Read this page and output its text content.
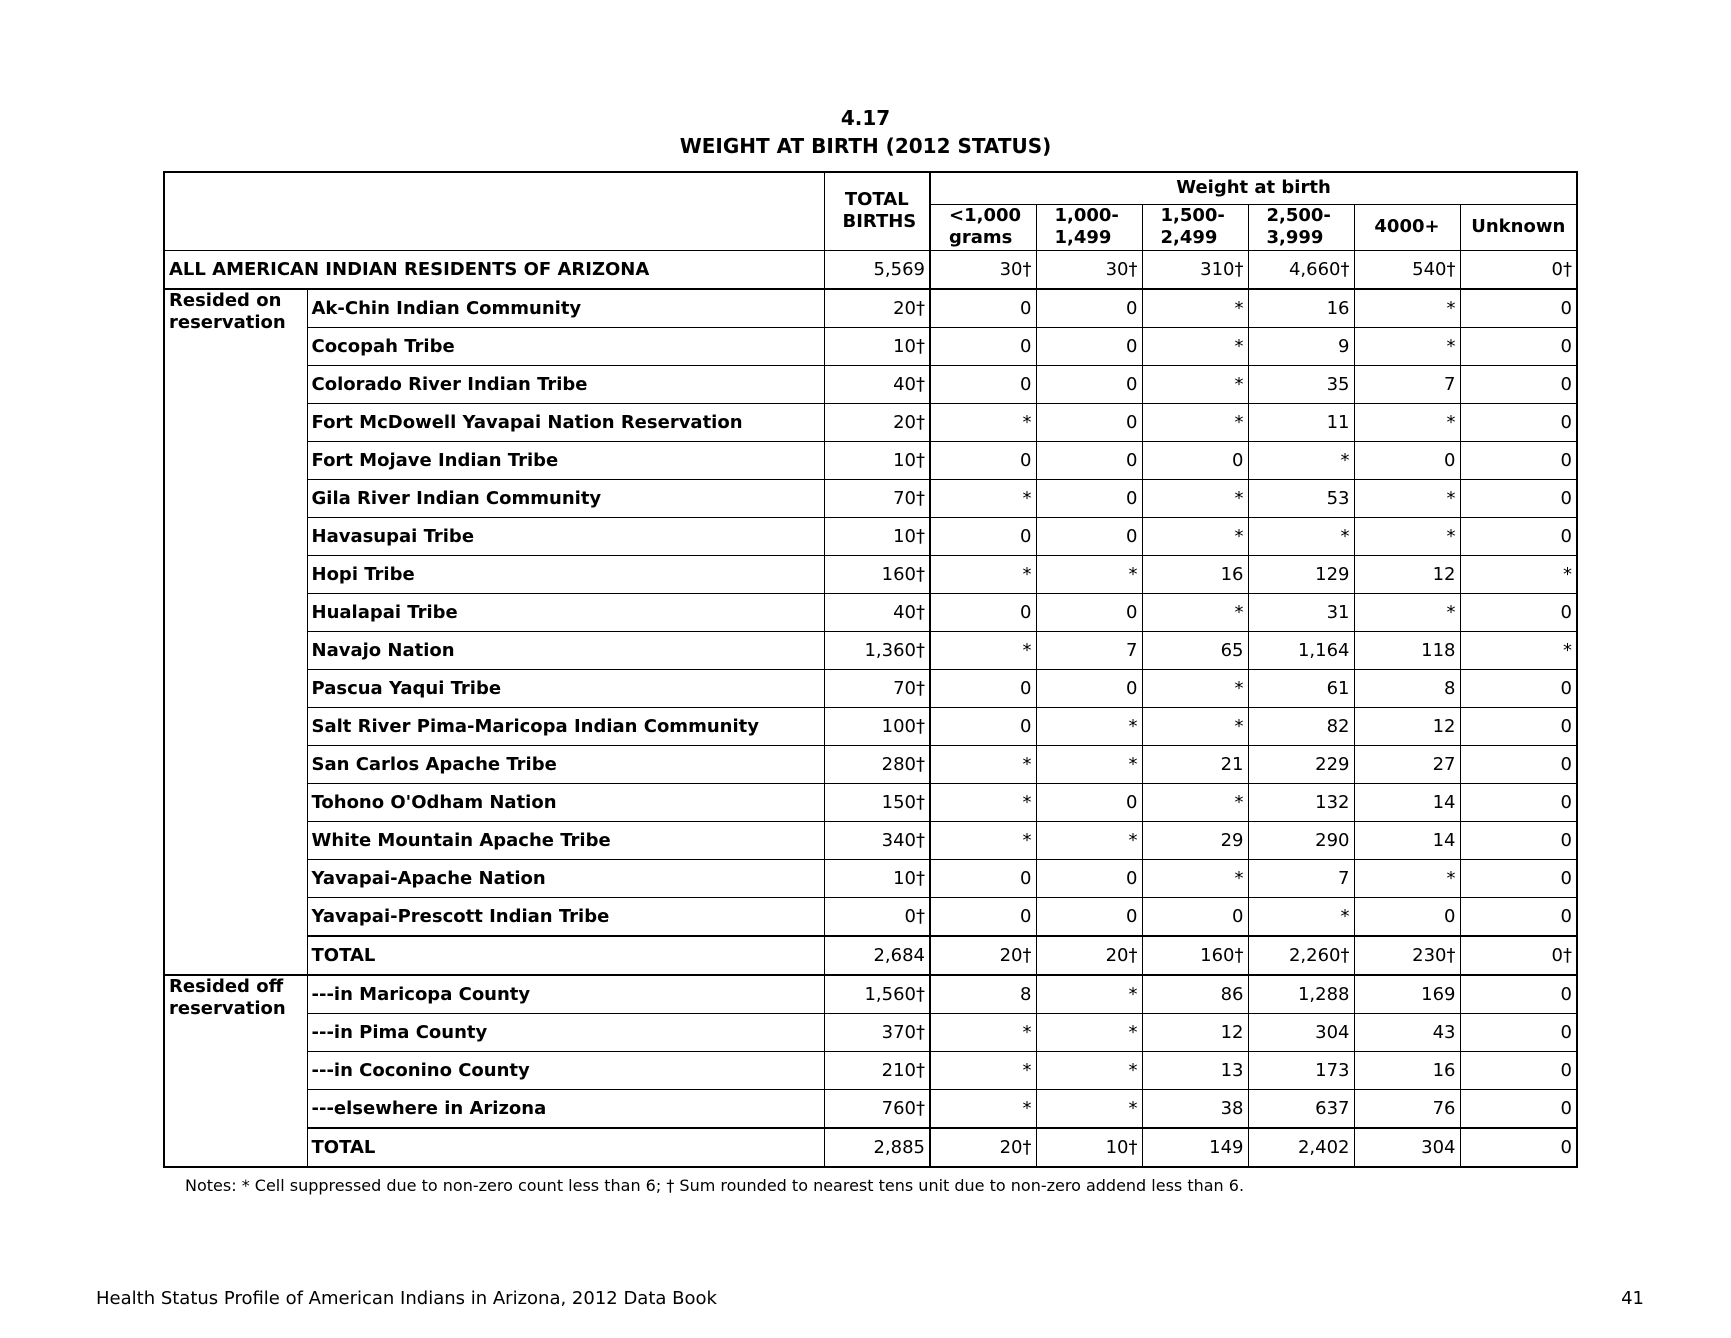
4.17
WEIGHT AT BIRTH (2012 STATUS)
		TOTAL BIRTHS	Weight at birth					
			<1,000 grams	1,000-1,499	1,500-2,499	2,500-3,999	4000+	Unknown
ALL AMERICAN INDIAN RESIDENTS OF ARIZONA		5,569	30†	30†	310†	4,660†	540†	0†
Resided on reservation	Ak-Chin Indian Community	20†	0	0	*	16	*	0
	Cocopah Tribe	10†	0	0	*	9	*	0
	Colorado River Indian Tribe	40†	0	0	*	35	7	0
	Fort McDowell Yavapai Nation Reservation	20†	*	0	*	11	*	0
	Fort Mojave Indian Tribe	10†	0	0	0	*	0	0
	Gila River Indian Community	70†	*	0	*	53	*	0
	Havasupai Tribe	10†	0	0	*	*	*	0
	Hopi Tribe	160†	*	*	16	129	12	*
	Hualapai Tribe	40†	0	0	*	31	*	0
	Navajo Nation	1,360†	*	7	65	1,164	118	*
	Pascua Yaqui Tribe	70†	0	0	*	61	8	0
	Salt River Pima-Maricopa Indian Community	100†	0	*	*	82	12	0
	San Carlos Apache Tribe	280†	*	*	21	229	27	0
	Tohono O'Odham Nation	150†	*	0	*	132	14	0
	White Mountain Apache Tribe	340†	*	*	29	290	14	0
	Yavapai-Apache Nation	10†	0	0	*	7	*	0
	Yavapai-Prescott Indian Tribe	0†	0	0	0	*	0	0
	TOTAL	2,684	20†	20†	160†	2,260†	230†	0†
Resided off reservation	---in Maricopa County	1,560†	8	*	86	1,288	169	0
	---in Pima County	370†	*	*	12	304	43	0
	---in Coconino County	210†	*	*	13	173	16	0
	---elsewhere in Arizona	760†	*	*	38	637	76	0
	TOTAL	2,885	20†	10†	149	2,402	304	0
Notes: * Cell suppressed due to non-zero count less than 6; † Sum rounded to nearest tens unit due to non-zero addend less than 6.
Health Status Profile of American Indians in Arizona, 2012 Data Book	41
